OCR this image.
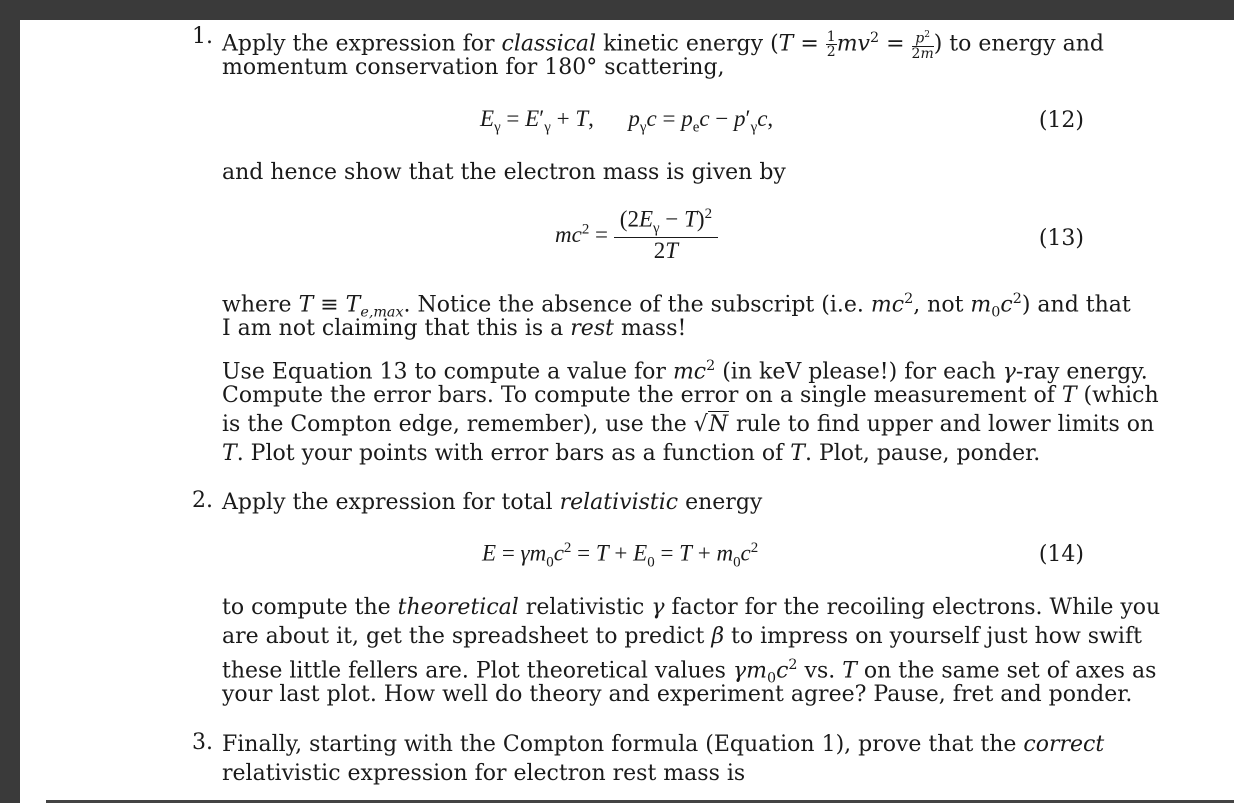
1. Apply the expression for classical kinetic energy $(T = \frac{1}{2}mv^2 = \frac{p^2}{2m})$ to energy and
momentum conservation for 180° scattering,
$E_\gamma = E'_\gamma + T$,      $p_\gamma c = p_ec - p'_\gamma c$,	(12)
and hence show that the electron mass is given by
$mc^2 = \frac{(2E_\gamma - T)^2}{2T}$	(13)
where $T \equiv T_{e,max}$. Notice the absence of the subscript (i.e. $mc^2$, not $m_0c^2$) and that
I am not claiming that this is a rest mass!
Use Equation 13 to compute a value for $mc^2$ (in keV please!) for each γ-ray energy.
Compute the error bars. To compute the error on a single measurement of T (which
is the Compton edge, remember), use the √N rule to find upper and lower limits on
T. Plot your points with error bars as a function of T. Plot, pause, ponder.
2. Apply the expression for total relativistic energy
$E = \gamma m_0c^2 = T + E_0 = T + m_0c^2$	(14)
to compute the theoretical relativistic γ factor for the recoiling electrons. While you
are about it, get the spreadsheet to predict β to impress on yourself just how swift
these little fellers are. Plot theoretical values $\gamma m_0c^2$ vs. T on the same set of axes as
your last plot. How well do theory and experiment agree? Pause, fret and ponder.
3. Finally, starting with the Compton formula (Equation 1), prove that the correct
relativistic expression for electron rest mass is
